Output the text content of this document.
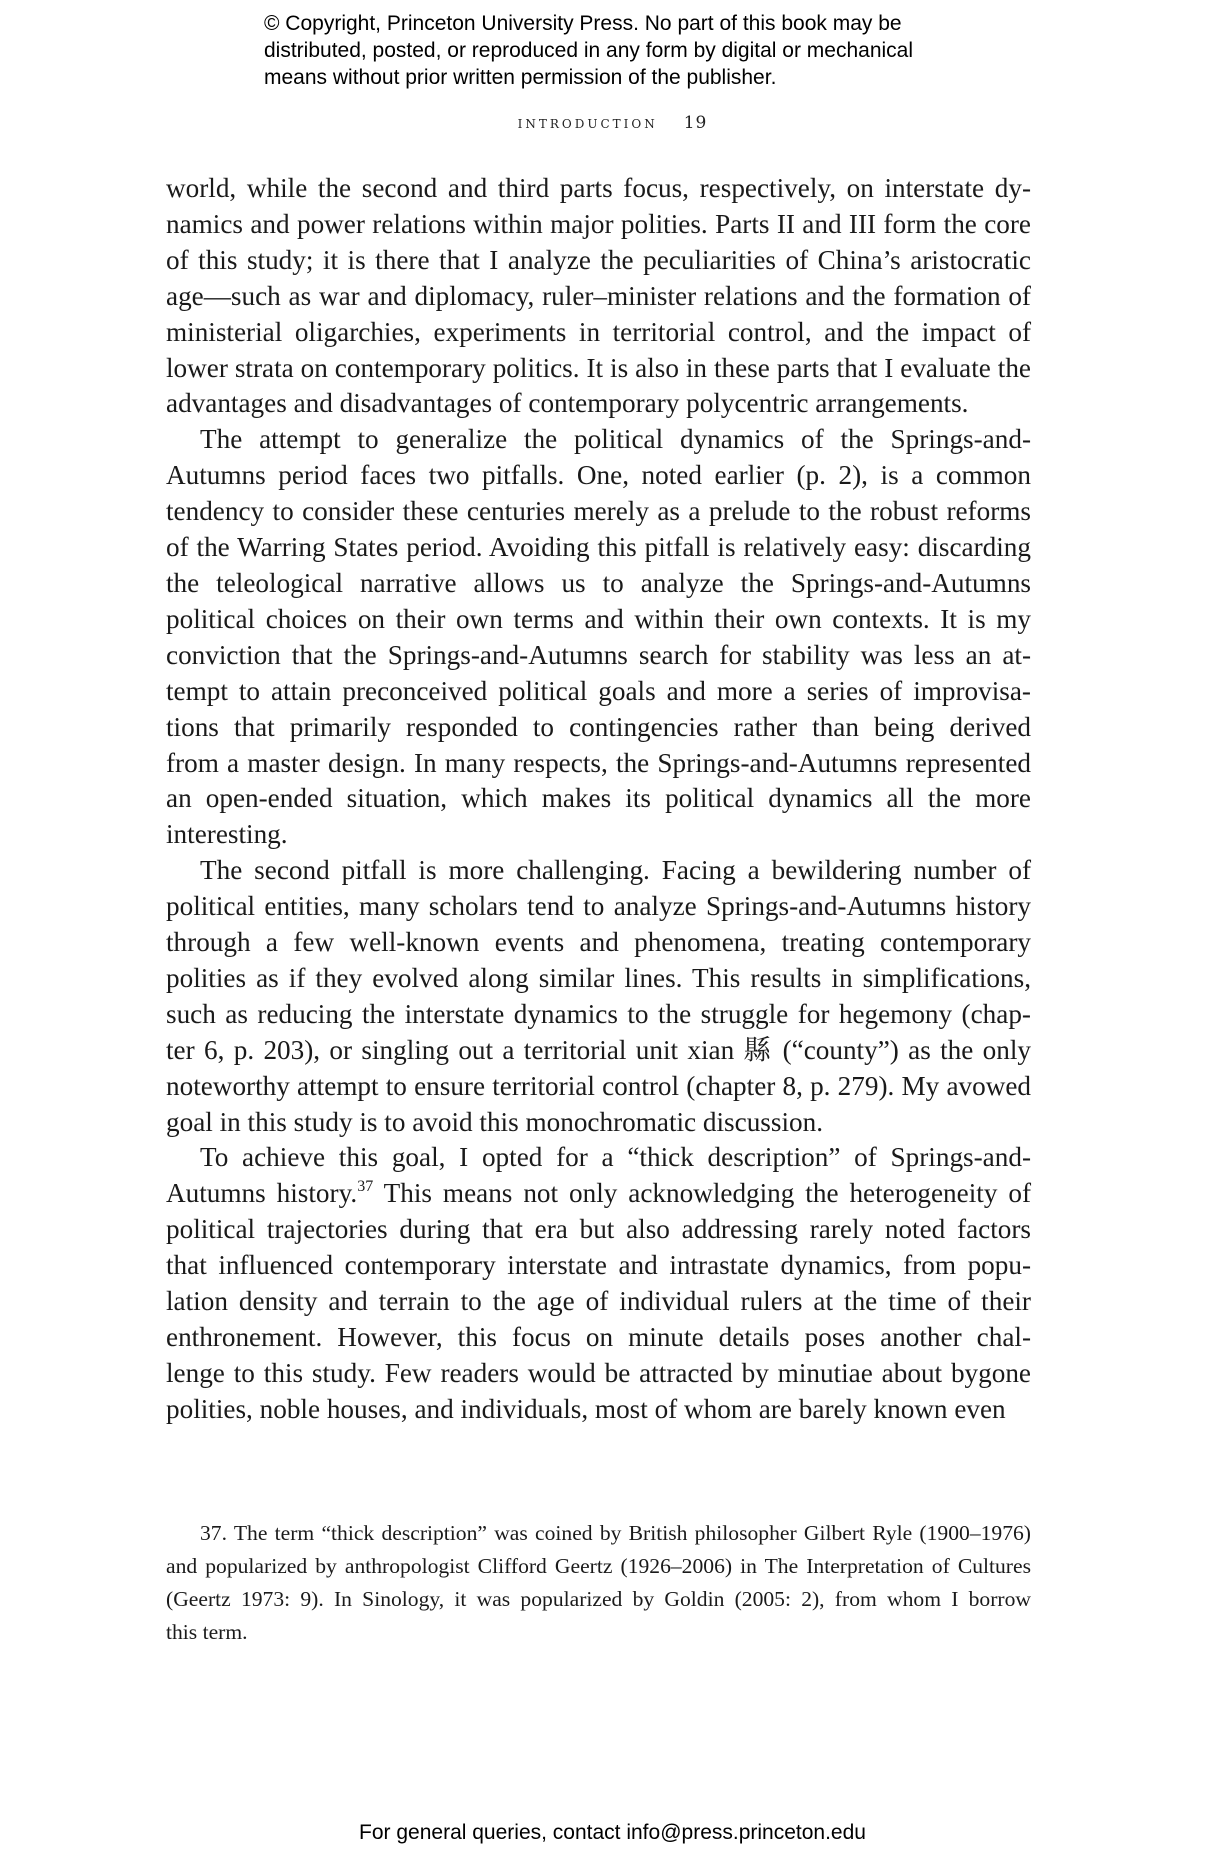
© Copyright, Princeton University Press. No part of this book may be
distributed, posted, or reproduced in any form by digital or mechanical
means without prior written permission of the publisher.
introduction 19

world, while the second and third parts focus, respectively, on interstate dy-
namics and power relations within major polities. Parts II and III form the core
of this study; it is there that I analyze the peculiarities of China’s aristocratic
age—such as war and diplomacy, ruler–minister relations and the formation of
ministerial oligarchies, experiments in territorial control, and the impact of
lower strata on contemporary politics. It is also in these parts that I evaluate the
advantages and disadvantages of contemporary polycentric arrangements.

The attempt to generalize the political dynamics of the Springs-and-
Autumns period faces two pitfalls. One, noted earlier (p. 2), is a common
tendency to consider these centuries merely as a prelude to the robust reforms
of the Warring States period. Avoiding this pitfall is relatively easy: discarding
the teleological narrative allows us to analyze the Springs-and-Autumns
political choices on their own terms and within their own contexts. It is my
conviction that the Springs-and-Autumns search for stability was less an at-
tempt to attain preconceived political goals and more a series of improvisa-
tions that primarily responded to contingencies rather than being derived
from a master design. In many respects, the Springs-and-Autumns represented
an open-ended situation, which makes its political dynamics all the more
interesting.

The second pitfall is more challenging. Facing a bewildering number of
political entities, many scholars tend to analyze Springs-and-Autumns history
through a few well-known events and phenomena, treating contemporary
polities as if they evolved along similar lines. This results in simplifications,
such as reducing the interstate dynamics to the struggle for hegemony (chap-
ter 6, p. 203), or singling out a territorial unit xian 縣 (“county”) as the only
noteworthy attempt to ensure territorial control (chapter 8, p. 279). My avowed
goal in this study is to avoid this monochromatic discussion.

To achieve this goal, I opted for a “thick description” of Springs-and-
Autumns history.$^{37}$ This means not only acknowledging the heterogeneity of
political trajectories during that era but also addressing rarely noted factors
that influenced contemporary interstate and intrastate dynamics, from popu-
lation density and terrain to the age of individual rulers at the time of their
enthronement. However, this focus on minute details poses another chal-
lenge to this study. Few readers would be attracted by minutiae about bygone
polities, noble houses, and individuals, most of whom are barely known even

37. The term “thick description” was coined by British philosopher Gilbert Ryle (1900–1976)
and popularized by anthropologist Clifford Geertz (1926–2006) in The Interpretation of Cultures
(Geertz 1973: 9). In Sinology, it was popularized by Goldin (2005: 2), from whom I borrow
this term.
For general queries, contact info@press.princeton.edu
